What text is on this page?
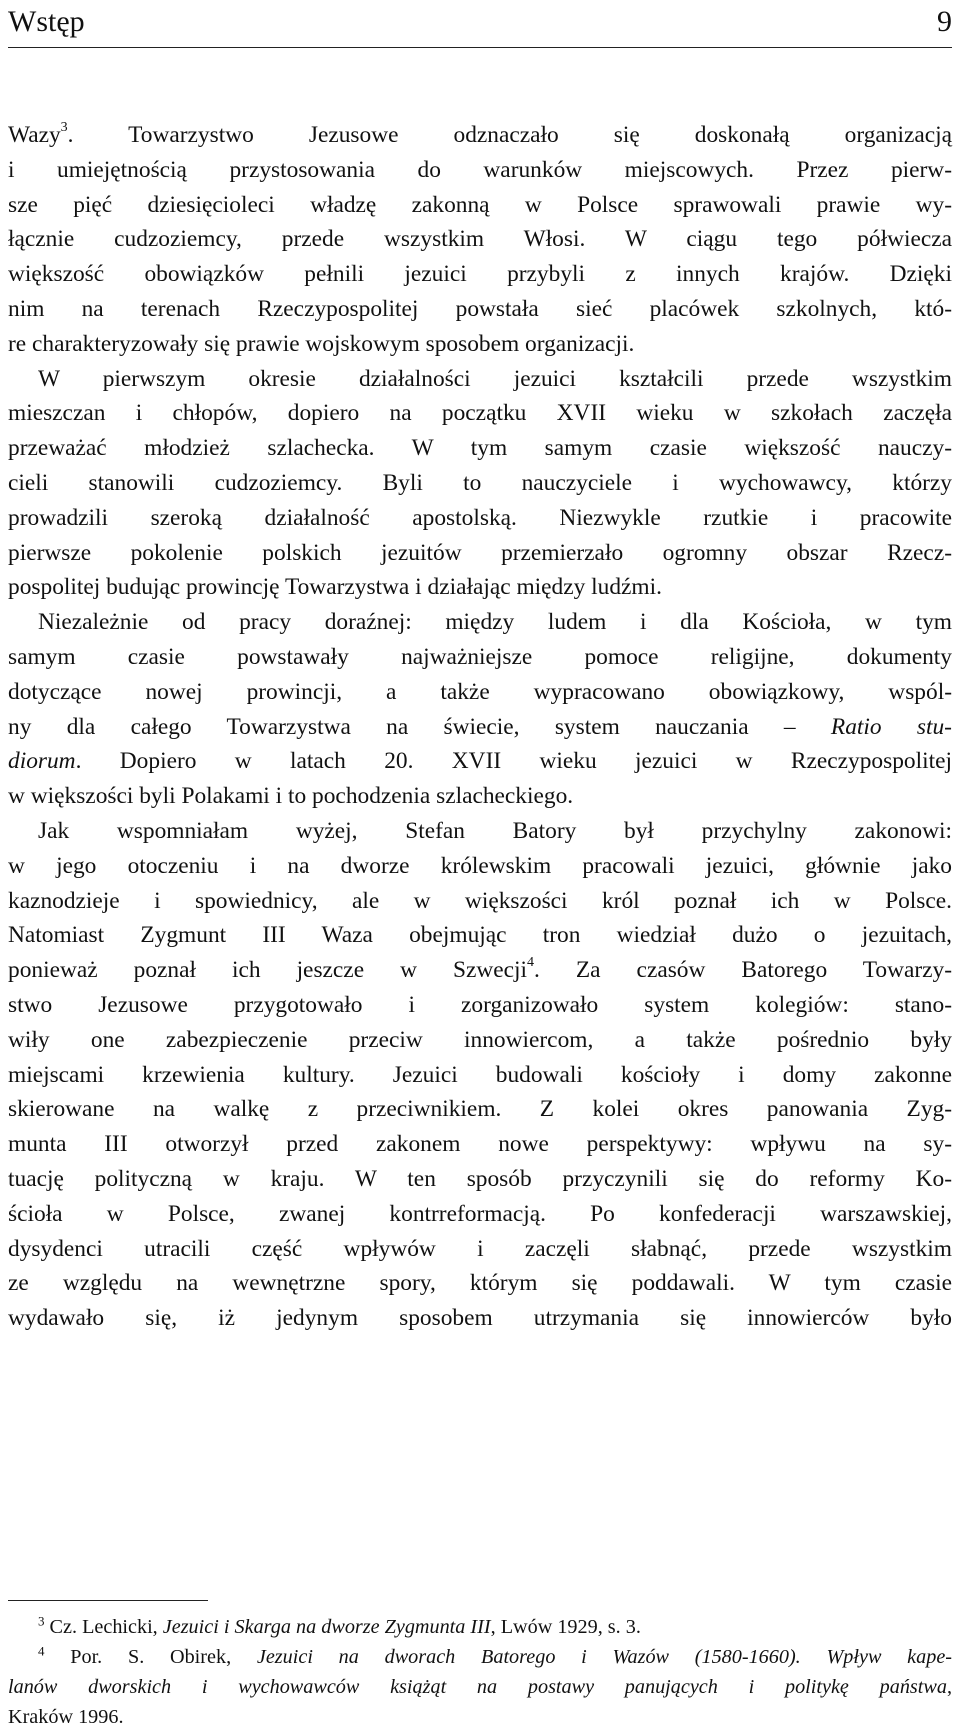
Wstęp	9
Wazy$^3$. Towarzystwo Jezusowe odznaczało się doskonałą organizacją
i umiejętnością przystosowania do warunków miejscowych. Przez pierw-
sze pięć dziesięcioleci władzę zakonną w Polsce sprawowali prawie wy-
łącznie cudzoziemcy, przede wszystkim Włosi. W ciągu tego półwiecza
większość obowiązków pełnili jezuici przybyli z innych krajów. Dzięki
nim na terenach Rzeczypospolitej powstała sieć placówek szkolnych, któ-
re charakteryzowały się prawie wojskowym sposobem organizacji.
W pierwszym okresie działalności jezuici kształcili przede wszystkim
mieszczan i chłopów, dopiero na początku XVII wieku w szkołach zaczęła
przeważać młodzież szlachecka. W tym samym czasie większość nauczy-
cieli stanowili cudzoziemcy. Byli to nauczyciele i wychowawcy, którzy
prowadzili szeroką działalność apostolską. Niezwykle rzutkie i pracowite
pierwsze pokolenie polskich jezuitów przemierzało ogromny obszar Rzecz-
pospolitej budując prowincję Towarzystwa i działając między ludźmi.
Niezależnie od pracy doraźnej: między ludem i dla Kościoła, w tym
samym czasie powstawały najważniejsze pomoce religijne, dokumenty
dotyczące nowej prowincji, a także wypracowano obowiązkowy, wspól-
ny dla całego Towarzystwa na świecie, system nauczania – Ratio stu-
diorum. Dopiero w latach 20. XVII wieku jezuici w Rzeczypospolitej
w większości byli Polakami i to pochodzenia szlacheckiego.
Jak wspomniałam wyżej, Stefan Batory był przychylny zakonowi:
w jego otoczeniu i na dworze królewskim pracowali jezuici, głównie jako
kaznodzieje i spowiednicy, ale w większości król poznał ich w Polsce.
Natomiast Zygmunt III Waza obejmując tron wiedział dużo o jezuitach,
ponieważ poznał ich jeszcze w Szwecji$^4$. Za czasów Batorego Towarzy-
stwo Jezusowe przygotowało i zorganizowało system kolegiów: stano-
wiły one zabezpieczenie przeciw innowiercom, a także pośrednio były
miejscami krzewienia kultury. Jezuici budowali kościoły i domy zakonne
skierowane na walkę z przeciwnikiem. Z kolei okres panowania Zyg-
munta III otworzył przed zakonem nowe perspektywy: wpływu na sy-
tuację polityczną w kraju. W ten sposób przyczynili się do reformy Ko-
ścioła w Polsce, zwanej kontrreformacją. Po konfederacji warszawskiej,
dysydenci utracili część wpływów i zaczęli słabnąć, przede wszystkim
ze względu na wewnętrzne spory, którym się poddawali. W tym czasie
wydawało się, iż jedynym sposobem utrzymania się innowierców było
$^3$ Cz. Lechicki, Jezuici i Skarga na dworze Zygmunta III, Lwów 1929, s. 3.
$^4$ Por. S. Obirek, Jezuici na dworach Batorego i Wazów (1580-1660). Wpływ kape-
lanów dworskich i wychowawców książąt na postawy panujących i politykę państwa,
Kraków 1996.
